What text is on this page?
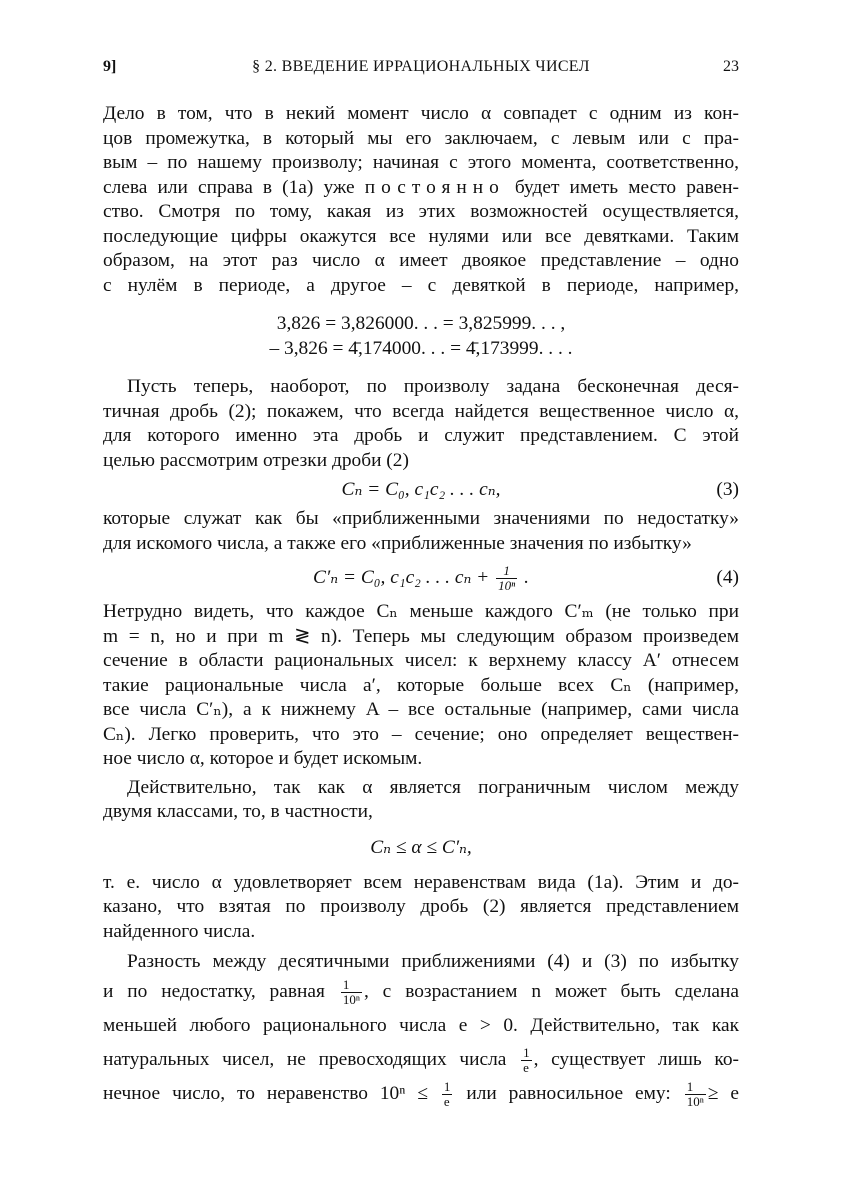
9]	§ 2. ВВЕДЕНИЕ ИРРАЦИОНАЛЬНЫХ ЧИСЕЛ	23
Дело в том, что в некий момент число α совпадет с одним из кон-
цов промежутка, в который мы его заключаем, с левым или с пра-
вым – по нашему произволу; начиная с этого момента, соответственно,
слева или справа в (1а) уже постоянно будет иметь место равен-
ство. Смотря по тому, какая из этих возможностей осуществляется,
последующие цифры окажутся все нулями или все девятками. Таким
образом, на этот раз число α имеет двоякое представление – одно
с нулём в периоде, а другое – с девяткой в периоде, например,
3,826 = 3,826000. . . = 3,825999. . . ,
– 3,826 = 4̄,174000. . . = 4̄,173999. . . .
Пусть теперь, наоборот, по произволу задана бесконечная деся-
тичная дробь (2); покажем, что всегда найдется вещественное число α,
для которого именно эта дробь и служит представлением. С этой
целью рассмотрим отрезки дроби (2)
Cₙ = C₀, c₁c₂ . . . cₙ,	(3)
которые служат как бы «приближенными значениями по недостатку»
для искомого числа, а также его «приближенные значения по избытку»
C′ₙ = C₀, c₁c₂ . . . $c_n + \frac{1}{\text{10ⁿ}}$ .	(4)
Нетрудно видеть, что каждое Cₙ меньше каждого C′ₘ (не только при
m = n, но и при m ≷ n). Теперь мы следующим образом произведем
сечение в области рациональных чисел: к верхнему классу A′ отнесем
такие рациональные числа a′, которые больше всех Cₙ (например,
все числа C′ₙ), а к нижнему A – все остальные (например, сами числа
Cₙ). Легко проверить, что это – сечение; оно определяет веществен-
ное число α, которое и будет искомым.
Действительно, так как α является пограничным числом между
двумя классами, то, в частности,
Cₙ ≤ α ≤ C′ₙ,
т. е. число α удовлетворяет всем неравенствам вида (1а). Этим и до-
казано, что взятая по произволу дробь (2) является представлением
найденного числа.
Разность между десятичными приближениями (4) и (3) по избытку
и по недостатку, равная $\frac{1}{\text{10ⁿ}}$ , с возрастанием n может быть сделана
меньшей любого рационального числа e > 0. Действительно, так как
натуральных чисел, не превосходящих числа $\frac{1}{e}$ , существует лишь ко-
нечное число, то неравенство $10^n \le \frac{1}{e}$ или равносильное ему: $\frac{1}{\text{10ⁿ}} \ge e$
